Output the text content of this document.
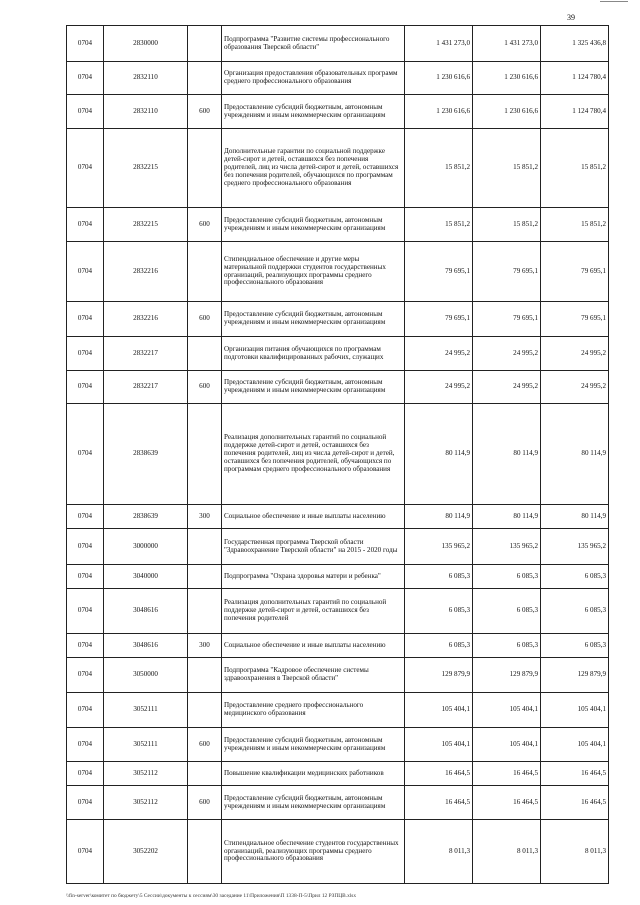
39
0704	2830000		Подпрограмма "Развитие системы профессионального образования Тверской области"	1 431 273,0	1 431 273,0	1 325 436,8
0704	2832110		Организация предоставления образовательных программ среднего профессионального образования	1 230 616,6	1 230 616,6	1 124 780,4
0704	2832110	600	Предоставление субсидий бюджетным, автономным учреждениям и иным некоммерческим организациям	1 230 616,6	1 230 616,6	1 124 780,4
0704	2832215		Дополнительные гарантии по социальной поддержке детей-сирот и детей, оставшихся без попечения родителей, лиц из числа детей-сирот и детей, оставшихся без попечения родителей, обучающихся по программам среднего профессионального образования	15 851,2	15 851,2	15 851,2
0704	2832215	600	Предоставление субсидий бюджетным, автономным учреждениям и иным некоммерческим организациям	15 851,2	15 851,2	15 851,2
0704	2832216		Стипендиальное обеспечение и другие меры материальной поддержки студентов государственных организаций, реализующих программы среднего профессионального образования	79 695,1	79 695,1	79 695,1
0704	2832216	600	Предоставление субсидий бюджетным, автономным учреждениям и иным некоммерческим организациям	79 695,1	79 695,1	79 695,1
0704	2832217		Организация питания обучающихся по программам подготовки квалифицированных рабочих, служащих	24 995,2	24 995,2	24 995,2
0704	2832217	600	Предоставление субсидий бюджетным, автономным учреждениям и иным некоммерческим организациям	24 995,2	24 995,2	24 995,2
0704	2838639		Реализация дополнительных гарантий по социальной поддержке детей-сирот и детей, оставшихся без попечения родителей, лиц из числа детей-сирот и детей, оставшихся без попечения родителей, обучающихся по программам среднего профессионального образования	80 114,9	80 114,9	80 114,9
0704	2838639	300	Социальное обеспечение и иные выплаты населению	80 114,9	80 114,9	80 114,9
0704	3000000		Государственная программа Тверской области "Здравоохранение Тверской области" на 2015 - 2020 годы	135 965,2	135 965,2	135 965,2
0704	3040000		Подпрограмма "Охрана здоровья матери и ребенка"	6 085,3	6 085,3	6 085,3
0704	3048616		Реализация дополнительных гарантий по социальной поддержке детей-сирот и детей, оставшихся без попечения родителей	6 085,3	6 085,3	6 085,3
0704	3048616	300	Социальное обеспечение и иные выплаты населению	6 085,3	6 085,3	6 085,3
0704	3050000		Подпрограмма "Кадровое обеспечение системы здравоохранения в Тверской области"	129 879,9	129 879,9	129 879,9
0704	3052111		Предоставление среднего профессионального медицинского образования	105 404,1	105 404,1	105 404,1
0704	3052111	600	Предоставление субсидий бюджетным, автономным учреждениям и иным некоммерческим организациям	105 404,1	105 404,1	105 404,1
0704	3052112		Повышение квалификации медицинских работников	16 464,5	16 464,5	16 464,5
0704	3052112	600	Предоставление субсидий бюджетным, автономным учреждениям и иным некоммерческим организациям	16 464,5	16 464,5	16 464,5
0704	3052202		Стипендиальное обеспечение студентов государственных организаций, реализующих программы среднего профессионального образования	8 011,3	8 011,3	8 011,3
\\fin-server\комитет по бюджету\5 Сессии\документы к сессиям\30 заседание 11\Приложения\П 1338-П-5\Прил 12 РЗПЦВ.xlsx
